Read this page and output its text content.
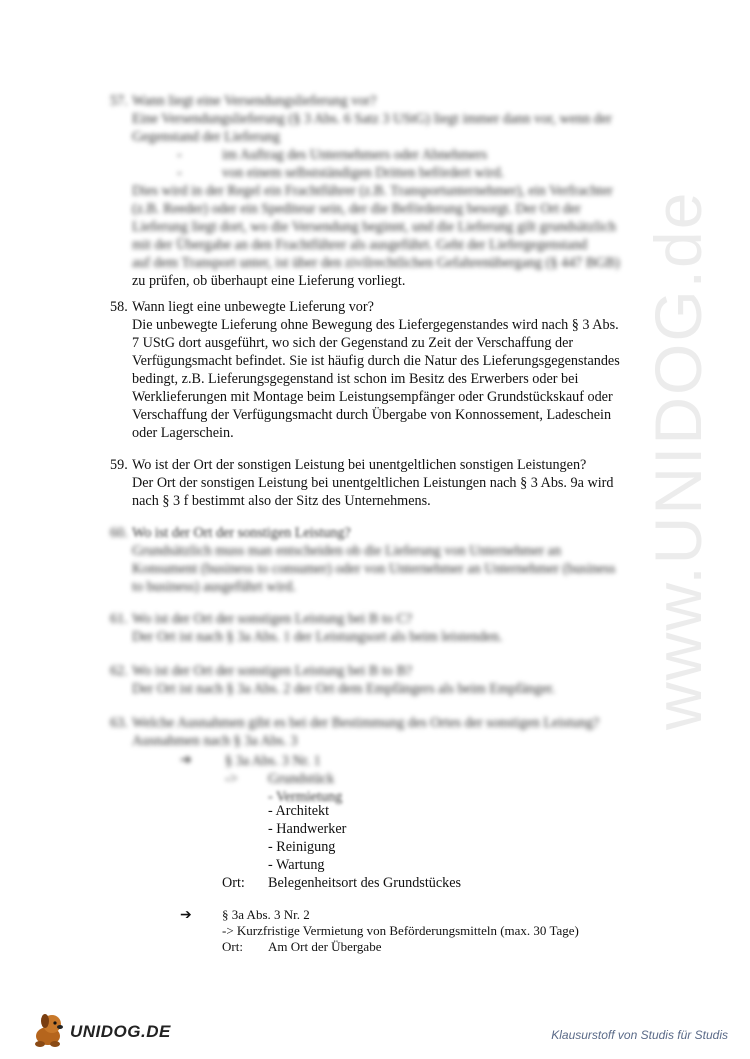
www.UNIDOG.de
57. Wann liegt eine Versendungslieferung vor?

Eine Versendungslieferung (§ 3 Abs. 6 Satz 3 UStG) liegt immer dann vor, wenn der

Gegenstand der Lieferung

-	im Auftrag des Unternehmers oder Abnehmers

-	von einem selbstständigen Dritten befördert wird.

Dies wird in der Regel ein Frachtführer (z.B. Transportunternehmer), ein Verfrachter

(z.B. Reeder) oder ein Spediteur sein, der die Beförderung besorgt. Der Ort der

Lieferung liegt dort, wo die Versendung beginnt, und die Lieferung gilt grundsätzlich

mit der Übergabe an den Frachtführer als ausgeführt. Geht der Liefergegenstand

auf dem Transport unter, ist über den zivilrechtlichen Gefahrenübergang (§ 447 BGB)

zu prüfen, ob überhaupt eine Lieferung vorliegt.

58. Wann liegt eine unbewegte Lieferung vor?

Die unbewegte Lieferung ohne Bewegung des Liefergegenstandes wird nach § 3 Abs.

7 UStG dort ausgeführt, wo sich der Gegenstand zu Zeit der Verschaffung der

Verfügungsmacht befindet. Sie ist häufig durch die Natur des Lieferungsgegenstandes

bedingt, z.B. Lieferungsgegenstand ist schon im Besitz des Erwerbers oder bei

Werklieferungen mit Montage beim Leistungsempfänger oder Grundstückskauf oder

Verschaffung der Verfügungsmacht durch Übergabe von Konnossement, Ladeschein

oder Lagerschein.

59. Wo ist der Ort der sonstigen Leistung bei unentgeltlichen sonstigen Leistungen?

Der Ort der sonstigen Leistung bei unentgeltlichen Leistungen nach § 3 Abs. 9a wird

nach § 3 f bestimmt also der Sitz des Unternehmens.

60. Wo ist der Ort der sonstigen Leistung?

Grundsätzlich muss man entscheiden ob die Lieferung von Unternehmer an

Konsument (business to consumer) oder von Unternehmer an Unternehmer (business

to business) ausgeführt wird.

61. Wo ist der Ort der sonstigen Leistung bei B to C?

Der Ort ist nach § 3a Abs. 1 der Leistungsort als beim leistenden.

62. Wo ist der Ort der sonstigen Leistung bei B to B?

Der Ort ist nach § 3a Abs. 2 der Ort dem Empfängers als beim Empfänger.

63. Welche Ausnahmen gibt es bei der Bestimmung des Ortes der sonstigen Leistung?

Ausnahmen nach § 3a Abs. 3

➔ § 3a Abs. 3 Nr. 1
-> Grundstück
- Vermietung
- Architekt
- Handwerker
- Reinigung
- Wartung
Ort: Belegenheitsort des Grundstückes
➔ § 3a Abs. 3 Nr. 2
-> Kurzfristige Vermietung von Beförderungsmitteln (max. 30 Tage)
Ort: Am Ort der Übergabe
UNIDOG.DE	Klausurstoff von Studis für Studis
